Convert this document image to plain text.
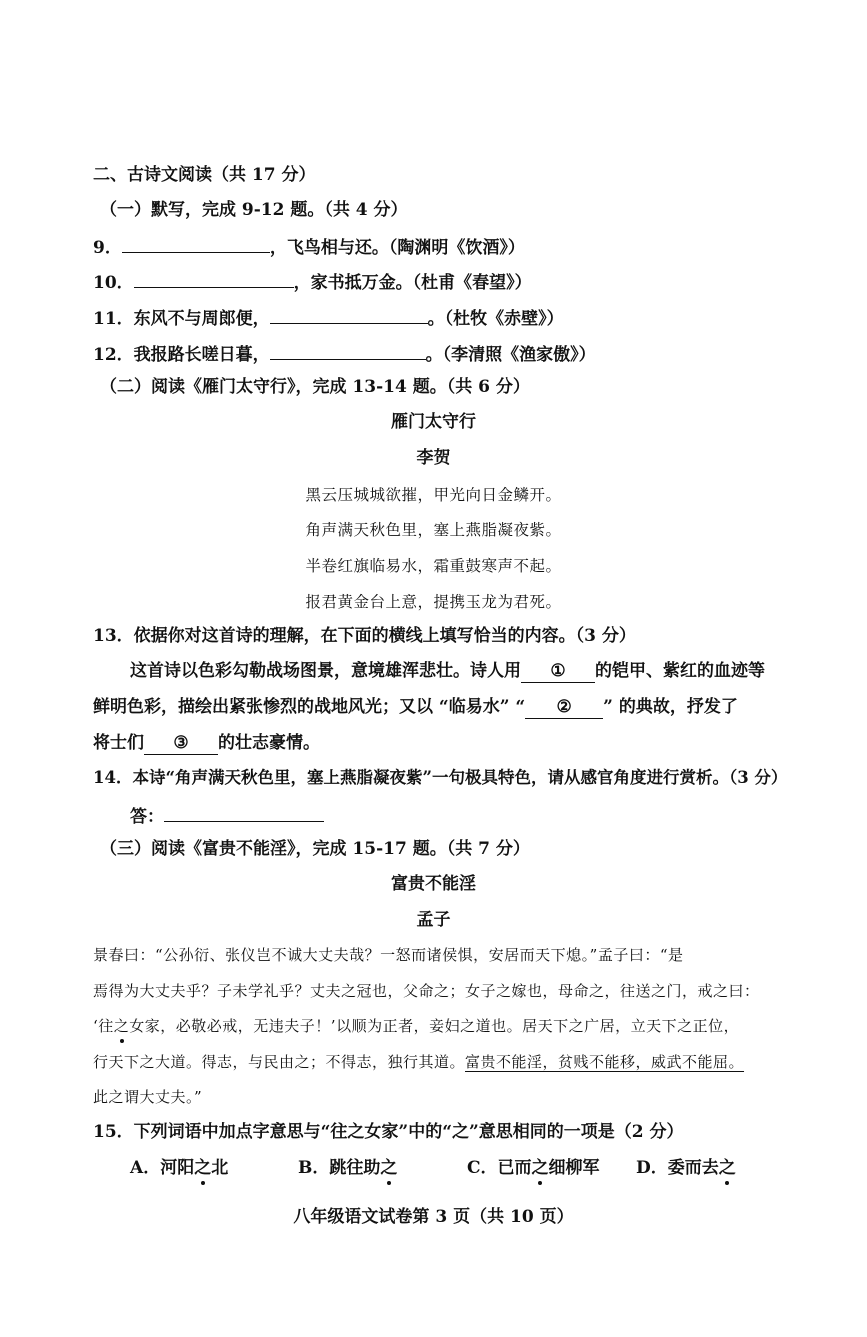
二、古诗文阅读（共 17 分）
（一）默写，完成 9-12 题。（共 4 分）
9．	，飞鸟相与还。（陶渊明《饮酒》）
10．	，家书抵万金。（杜甫《春望》）
11．东风不与周郎便，	。（杜牧《赤壁》）
12．我报路长嗟日暮，	。（李清照《渔家傲》）
（二）阅读《雁门太守行》，完成 13-14 题。（共 6 分）
雁门太守行
李贺
黑云压城城欲摧，甲光向日金鳞开。
角声满天秋色里，塞上燕脂凝夜紫。
半卷红旗临易水，霜重鼓寒声不起。
报君黄金台上意，提携玉龙为君死。
13．依据你对这首诗的理解，在下面的横线上填写恰当的内容。（3 分）
这首诗以色彩勾勒战场图景，意境雄浑悲壮。诗人用 ① 的铠甲、紫红的血迹等
鲜明色彩，描绘出紧张惨烈的战地风光；又以 “临易水” “ ② ” 的典故，抒发了
将士们 ③ 的壮志豪情。
14．本诗“角声满天秋色里，塞上燕脂凝夜紫”一句极具特色，请从感官角度进行赏析。（3 分）
答：
（三）阅读《富贵不能淫》，完成 15-17 题。（共 7 分）
富贵不能淫
孟子
景春曰：“公孙衍、张仪岂不诚大丈夫哉？一怒而诸侯惧，安居而天下熄。”孟子曰：“是
焉得为大丈夫乎？子未学礼乎？丈夫之冠也，父命之；女子之嫁也，母命之，往送之门，戒之曰：
‘往之女家，必敬必戒，无违夫子！’以顺为正者，妾妇之道也。居天下之广居，立天下之正位，
行天下之大道。得志，与民由之；不得志，独行其道。富贵不能淫，贫贱不能移，威武不能屈。
此之谓大丈夫。”
15．下列词语中加点字意思与“往之女家”中的“之”意思相同的一项是（2 分）
A．河阳之北	B．跳往助之	C．已而之细柳军 D．委而去之
八年级语文试卷第 3 页（共 10 页）
